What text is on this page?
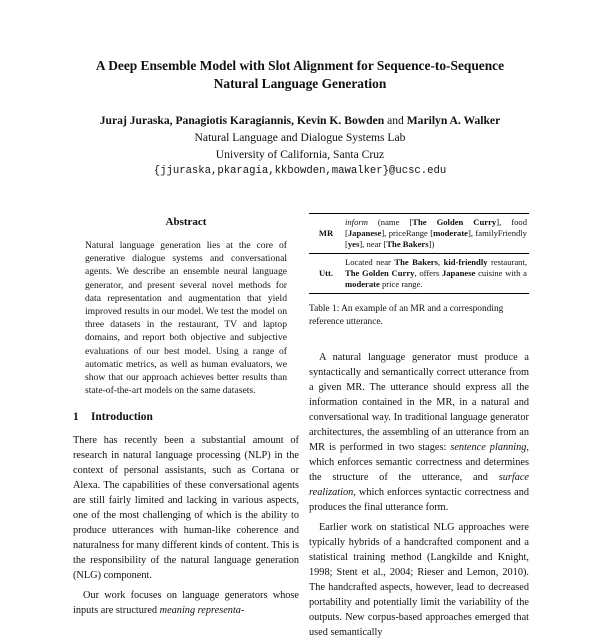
A Deep Ensemble Model with Slot Alignment for Sequence-to-Sequence
Natural Language Generation
Juraj Juraska, Panagiotis Karagiannis, Kevin K. Bowden and Marilyn A. Walker
Natural Language and Dialogue Systems Lab
University of California, Santa Cruz
{jjuraska,pkaragia,kkbowden,mawalker}@ucsc.edu
Abstract

Natural language generation lies at the core of generative dialogue systems and conversational agents. We describe an ensemble neural language generator, and present several novel methods for data representation and augmentation that yield improved results in our model. We test the model on three datasets in the restaurant, TV and laptop domains, and report both objective and subjective evaluations of our best model. Using a range of automatic metrics, as well as human evaluators, we show that our approach achieves better results than state-of-the-art models on the same datasets.

1 Introduction

There has recently been a substantial amount of research in natural language processing (NLP) in the context of personal assistants, such as Cortana or Alexa. The capabilities of these conversational agents are still fairly limited and lacking in various aspects, one of the most challenging of which is the ability to produce utterances with human-like coherence and naturalness for many different kinds of content. This is the responsibility of the natural language generation (NLG) component.

Our work focuses on language generators whose inputs are structured meaning representa-

MR	inform (name [The Golden Curry], food [Japanese], priceRange [moderate], familyFriendly [yes], near [The Bakers])
Utt.	Located near The Bakers, kid-friendly restaurant, The Golden Curry, offers Japanese cuisine with a moderate price range.
Table 1: An example of an MR and a corresponding reference utterance.

A natural language generator must produce a syntactically and semantically correct utterance from a given MR. The utterance should express all the information contained in the MR, in a natural and conversational way. In traditional language generator architectures, the assembling of an utterance from an MR is performed in two stages: sentence planning, which enforces semantic correctness and determines the structure of the utterance, and surface realization, which enforces syntactic correctness and produces the final utterance form.

Earlier work on statistical NLG approaches were typically hybrids of a handcrafted component and a statistical training method (Langkilde and Knight, 1998; Stent et al., 2004; Rieser and Lemon, 2010). The handcrafted aspects, however, lead to decreased portability and potentially limit the variability of the outputs. New corpus-based approaches emerged that used semantically
